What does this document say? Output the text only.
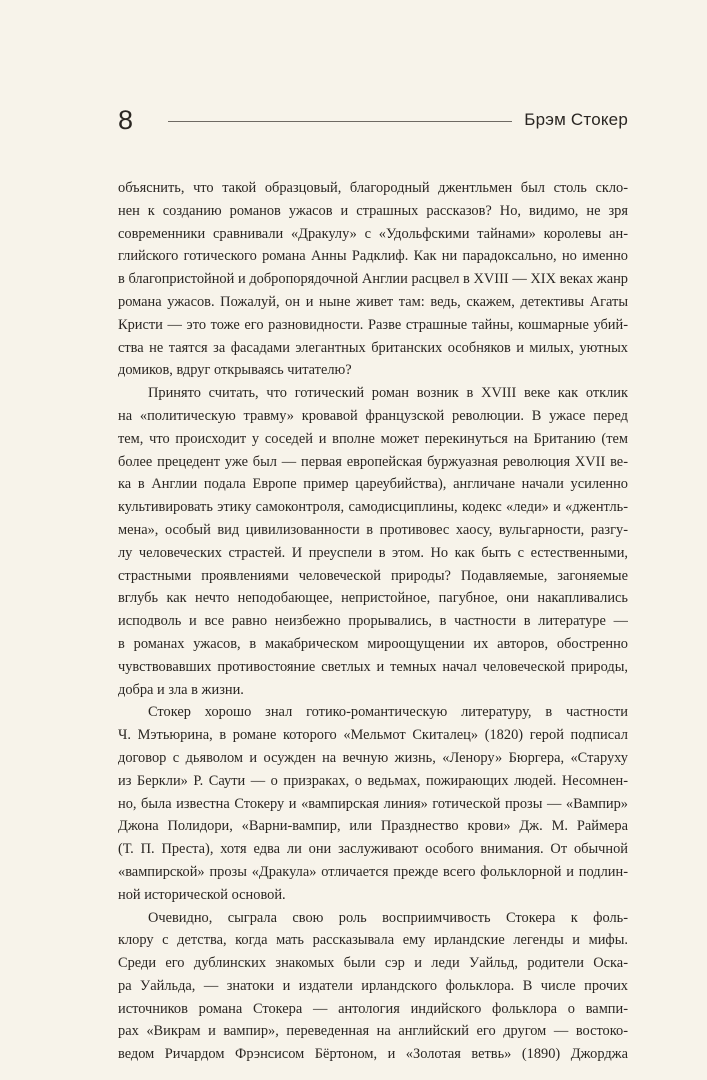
8	Брэм Стокер
объяснить, что такой образцовый, благородный джентльмен был столь скло-
нен к созданию романов ужасов и страшных рассказов? Но, видимо, не зря
современники сравнивали «Дракулу» с «Удольфскими тайнами» королевы ан-
глийского готического романа Анны Радклиф. Как ни парадоксально, но именно
в благопристойной и добропорядочной Англии расцвел в XVIII — XIX веках жанр
романа ужасов. Пожалуй, он и ныне живет там: ведь, скажем, детективы Агаты
Кристи — это тоже его разновидности. Разве страшные тайны, кошмарные убий-
ства не таятся за фасадами элегантных британских особняков и милых, уютных
домиков, вдруг открываясь читателю?
Принято считать, что готический роман возник в XVIII веке как отклик
на «политическую травму» кровавой французской революции. В ужасе перед
тем, что происходит у соседей и вполне может перекинуться на Британию (тем
более прецедент уже был — первая европейская буржуазная революция XVII ве-
ка в Англии подала Европе пример цареубийства), англичане начали усиленно
культивировать этику самоконтроля, самодисциплины, кодекс «леди» и «джентль-
мена», особый вид цивилизованности в противовес хаосу, вульгарности, разгу-
лу человеческих страстей. И преуспели в этом. Но как быть с естественными,
страстными проявлениями человеческой природы? Подавляемые, загоняемые
вглубь как нечто неподобающее, непристойное, пагубное, они накапливались
исподволь и все равно неизбежно прорывались, в частности в литературе —
в романах ужасов, в макабрическом мироощущении их авторов, обостренно
чувствовавших противостояние светлых и темных начал человеческой природы,
добра и зла в жизни.
Стокер хорошо знал готико-романтическую литературу, в частности
Ч. Мэтьюрина, в романе которого «Мельмот Скиталец» (1820) герой подписал
договор с дьяволом и осужден на вечную жизнь, «Ленору» Бюргера, «Старуху
из Беркли» Р. Саути — о призраках, о ведьмах, пожирающих людей. Несомнен-
но, была известна Стокеру и «вампирская линия» готической прозы — «Вампир»
Джона Полидори, «Варни-вампир, или Празднество крови» Дж. М. Раймера
(Т. П. Преста), хотя едва ли они заслуживают особого внимания. От обычной
«вампирской» прозы «Дракула» отличается прежде всего фольклорной и подлин-
ной исторической основой.
Очевидно, сыграла свою роль восприимчивость Стокера к фоль-
клору с детства, когда мать рассказывала ему ирландские легенды и мифы.
Среди его дублинских знакомых были сэр и леди Уайльд, родители Оска-
ра Уайльда, — знатоки и издатели ирландского фольклора. В числе прочих
источников романа Стокера — антология индийского фольклора о вампи-
рах «Викрам и вампир», переведенная на английский его другом — востоко-
ведом Ричардом Фрэнсисом Бёртоном, и «Золотая ветвь» (1890) Джорджа
